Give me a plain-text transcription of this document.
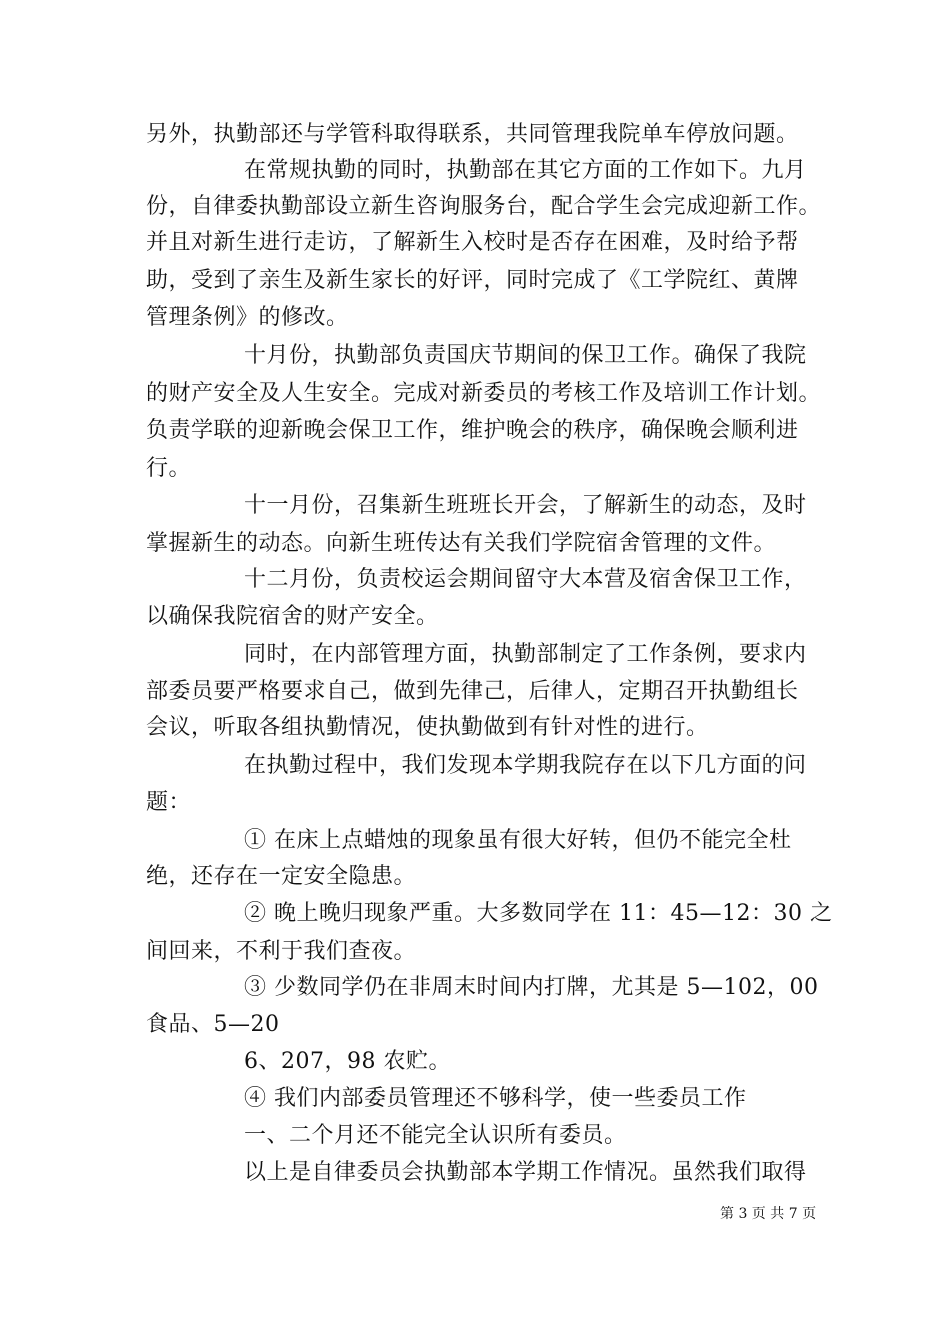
另外，执勤部还与学管科取得联系，共同管理我院单车停放问题。
在常规执勤的同时，执勤部在其它方面的工作如下。九月
份，自律委执勤部设立新生咨询服务台，配合学生会完成迎新工作。
并且对新生进行走访，了解新生入校时是否存在困难，及时给予帮
助，受到了亲生及新生家长的好评，同时完成了《工学院红、黄牌
管理条例》的修改。
十月份，执勤部负责国庆节期间的保卫工作。确保了我院
的财产安全及人生安全。完成对新委员的考核工作及培训工作计划。
负责学联的迎新晚会保卫工作，维护晚会的秩序，确保晚会顺利进
行。
十一月份，召集新生班班长开会，了解新生的动态，及时
掌握新生的动态。向新生班传达有关我们学院宿舍管理的文件。
十二月份，负责校运会期间留守大本营及宿舍保卫工作，
以确保我院宿舍的财产安全。
同时，在内部管理方面，执勤部制定了工作条例，要求内
部委员要严格要求自己，做到先律己，后律人，定期召开执勤组长
会议，听取各组执勤情况，使执勤做到有针对性的进行。
在执勤过程中，我们发现本学期我院存在以下几方面的问
题：
① 在床上点蜡烛的现象虽有很大好转，但仍不能完全杜
绝，还存在一定安全隐患。
② 晚上晚归现象严重。大多数同学在 11：45—12：30 之
间回来，不利于我们查夜。
③ 少数同学仍在非周末时间内打牌，尤其是 5—102，00
食品、5—20
6、207，98 农贮。
④ 我们内部委员管理还不够科学，使一些委员工作
一、二个月还不能完全认识所有委员。
以上是自律委员会执勤部本学期工作情况。虽然我们取得
第 3 页 共 7 页
